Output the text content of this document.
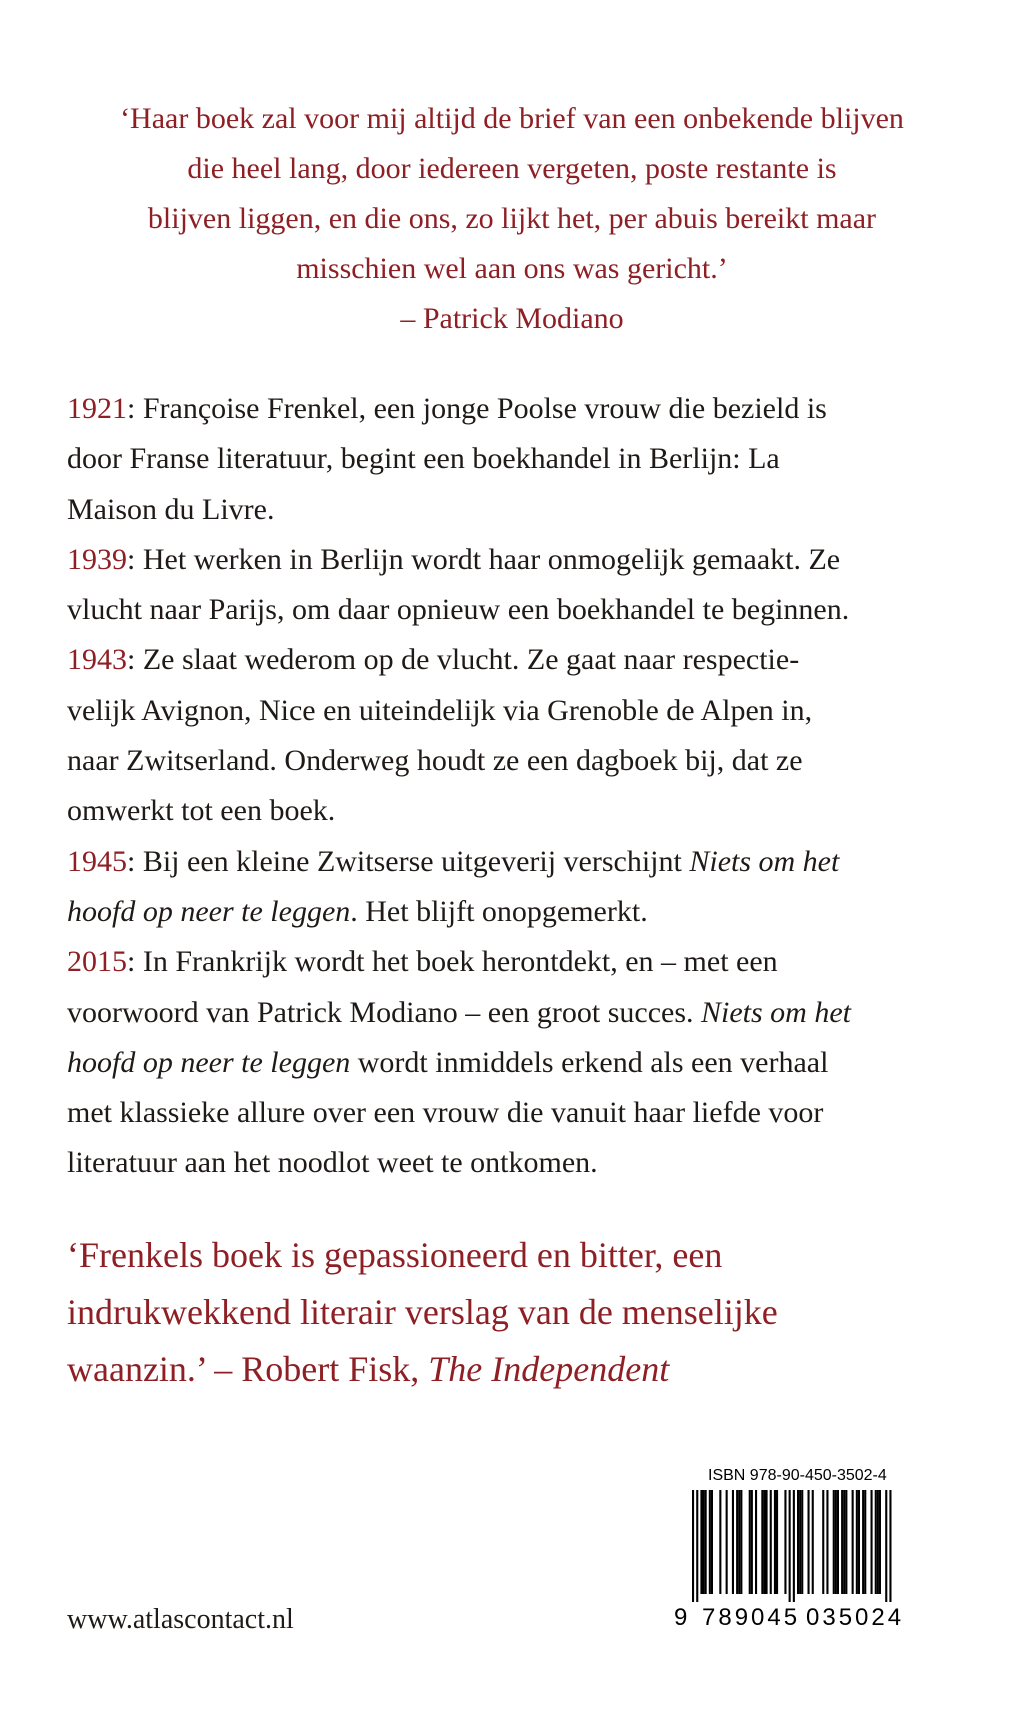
‘Haar boek zal voor mij altijd de brief van een onbekende blijven
die heel lang, door iedereen vergeten, poste restante is
blijven liggen, en die ons, zo lijkt het, per abuis bereikt maar
misschien wel aan ons was gericht.’
– Patrick Modiano
1921: Françoise Frenkel, een jonge Poolse vrouw die bezield is
door Franse literatuur, begint een boekhandel in Berlijn: La
Maison du Livre.
1939: Het werken in Berlijn wordt haar onmogelijk gemaakt. Ze
vlucht naar Parijs, om daar opnieuw een boekhandel te beginnen.
1943: Ze slaat wederom op de vlucht. Ze gaat naar respectie-
velijk Avignon, Nice en uiteindelijk via Grenoble de Alpen in,
naar Zwitserland. Onderweg houdt ze een dagboek bij, dat ze
omwerkt tot een boek.
1945: Bij een kleine Zwitserse uitgeverij verschijnt Niets om het
hoofd op neer te leggen. Het blijft onopgemerkt.
2015: In Frankrijk wordt het boek herontdekt, en – met een
voorwoord van Patrick Modiano – een groot succes. Niets om het
hoofd op neer te leggen wordt inmiddels erkend als een verhaal
met klassieke allure over een vrouw die vanuit haar liefde voor
literatuur aan het noodlot weet te ontkomen.
‘Frenkels boek is gepassioneerd en bitter, een
indrukwekkend literair verslag van de menselijke
waanzin.’ – Robert Fisk, The Independent
www.atlascontact.nl
ISBN 978-90-450-3502-4
9 789045 035024
